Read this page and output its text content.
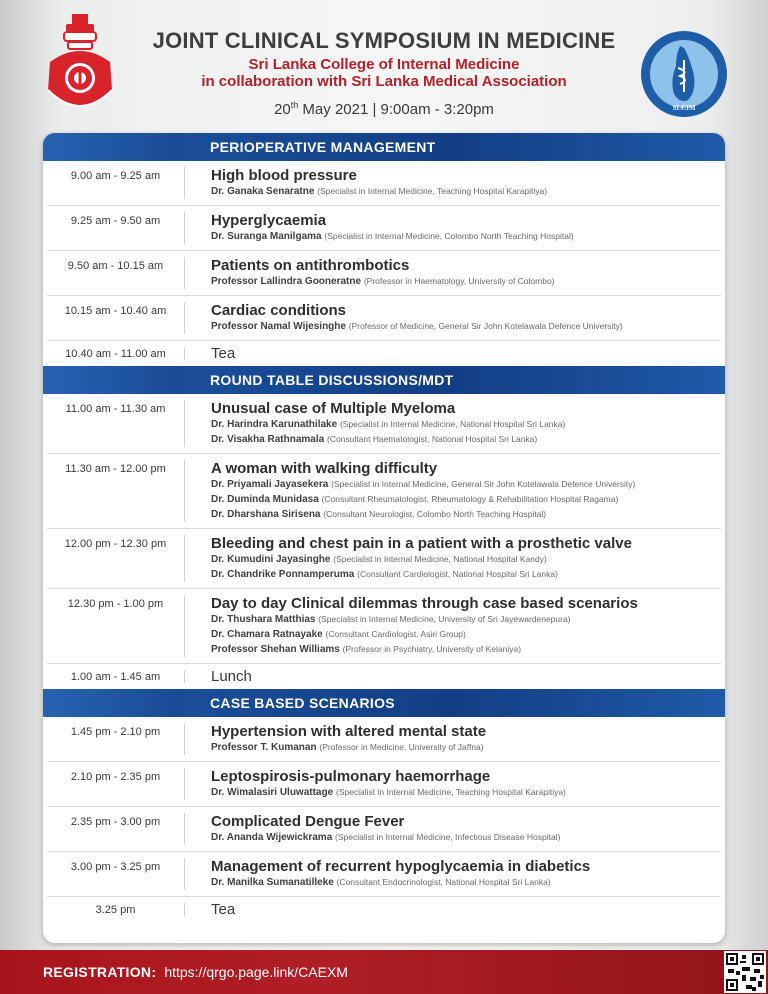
JOINT CLINICAL SYMPOSIUM IN MEDICINE
Sri Lanka College of Internal Medicine
in collaboration with Sri Lanka Medical Association
20th May 2021 | 9:00am - 3:20pm	SLCIM
PERIOPERATIVE MANAGEMENT
9.00 am - 9.25 am	High blood pressure
Dr. Ganaka Senaratne (Specialist in Internal Medicine, Teaching Hospital Karapitiya)
9.25 am - 9.50 am	Hyperglycaemia
Dr. Suranga Manilgama (Specialist in Internal Medicine, Colombo North Teaching Hospital)
9.50 am - 10.15 am	Patients on antithrombotics
Professor Lallindra Gooneratne (Professor in Haematology, University of Colombo)
10.15 am - 10.40 am	Cardiac conditions
Professor Namal Wijesinghe (Professor of Medicine, General Sir John Kotelawala Defence University)
10.40 am - 11.00 am	Tea
ROUND TABLE DISCUSSIONS/MDT
11.00 am - 11.30 am	Unusual case of Multiple Myeloma
Dr. Harindra Karunathilake (Specialist in Internal Medicine, National Hospital Sri Lanka)
Dr. Visakha Rathnamala (Consultant Haematologist, National Hospital Sri Lanka)
11.30 am - 12.00 pm	A woman with walking difficulty
Dr. Priyamali Jayasekera (Specialist in Internal Medicine, General Sir John Kotelawala Defence University)
Dr. Duminda Munidasa (Consultant Rheumatologist, Rheumatology & Rehabilitation Hospital Ragama)
Dr. Dharshana Sirisena (Consultant Neurologist, Colombo North Teaching Hospital)
12.00 pm - 12.30 pm	Bleeding and chest pain in a patient with a prosthetic valve
Dr. Kumudini Jayasinghe (Specialist in Internal Medicine, National Hospital Kandy)
Dr. Chandrike Ponnamperuma (Consultant Cardiologist, National Hospital Sri Lanka)
12.30 pm - 1.00 pm	Day to day Clinical dilemmas through case based scenarios
Dr. Thushara Matthias (Specialist in Internal Medicine, University of Sri Jayewardenepura)
Dr. Chamara Ratnayake (Consultant Cardiologist, Asiri Group)
Professor Shehan Williams (Professor in Psychiatry, University of Kelaniya)
1.00 am - 1.45 am	Lunch
CASE BASED SCENARIOS
1.45 pm - 2.10 pm	Hypertension with altered mental state
Professor T. Kumanan (Professor in Medicine, University of Jaffna)
2.10 pm - 2.35 pm	Leptospirosis-pulmonary haemorrhage
Dr. Wimalasiri Uluwattage (Specialist in Internal Medicine, Teaching Hospital Karapitiya)
2.35 pm - 3.00 pm	Complicated Dengue Fever
Dr. Ananda Wijewickrama (Specialist in Internal Medicine, Infectious Disease Hospital)
3.00 pm - 3.25 pm	Management of recurrent hypoglycaemia in diabetics
Dr. Manilka Sumanatilleke (Consultant Endocrinologist, National Hospital Sri Lanka)
3.25 pm	Tea
REGISTRATION: https://qrgo.page.link/CAEXM
